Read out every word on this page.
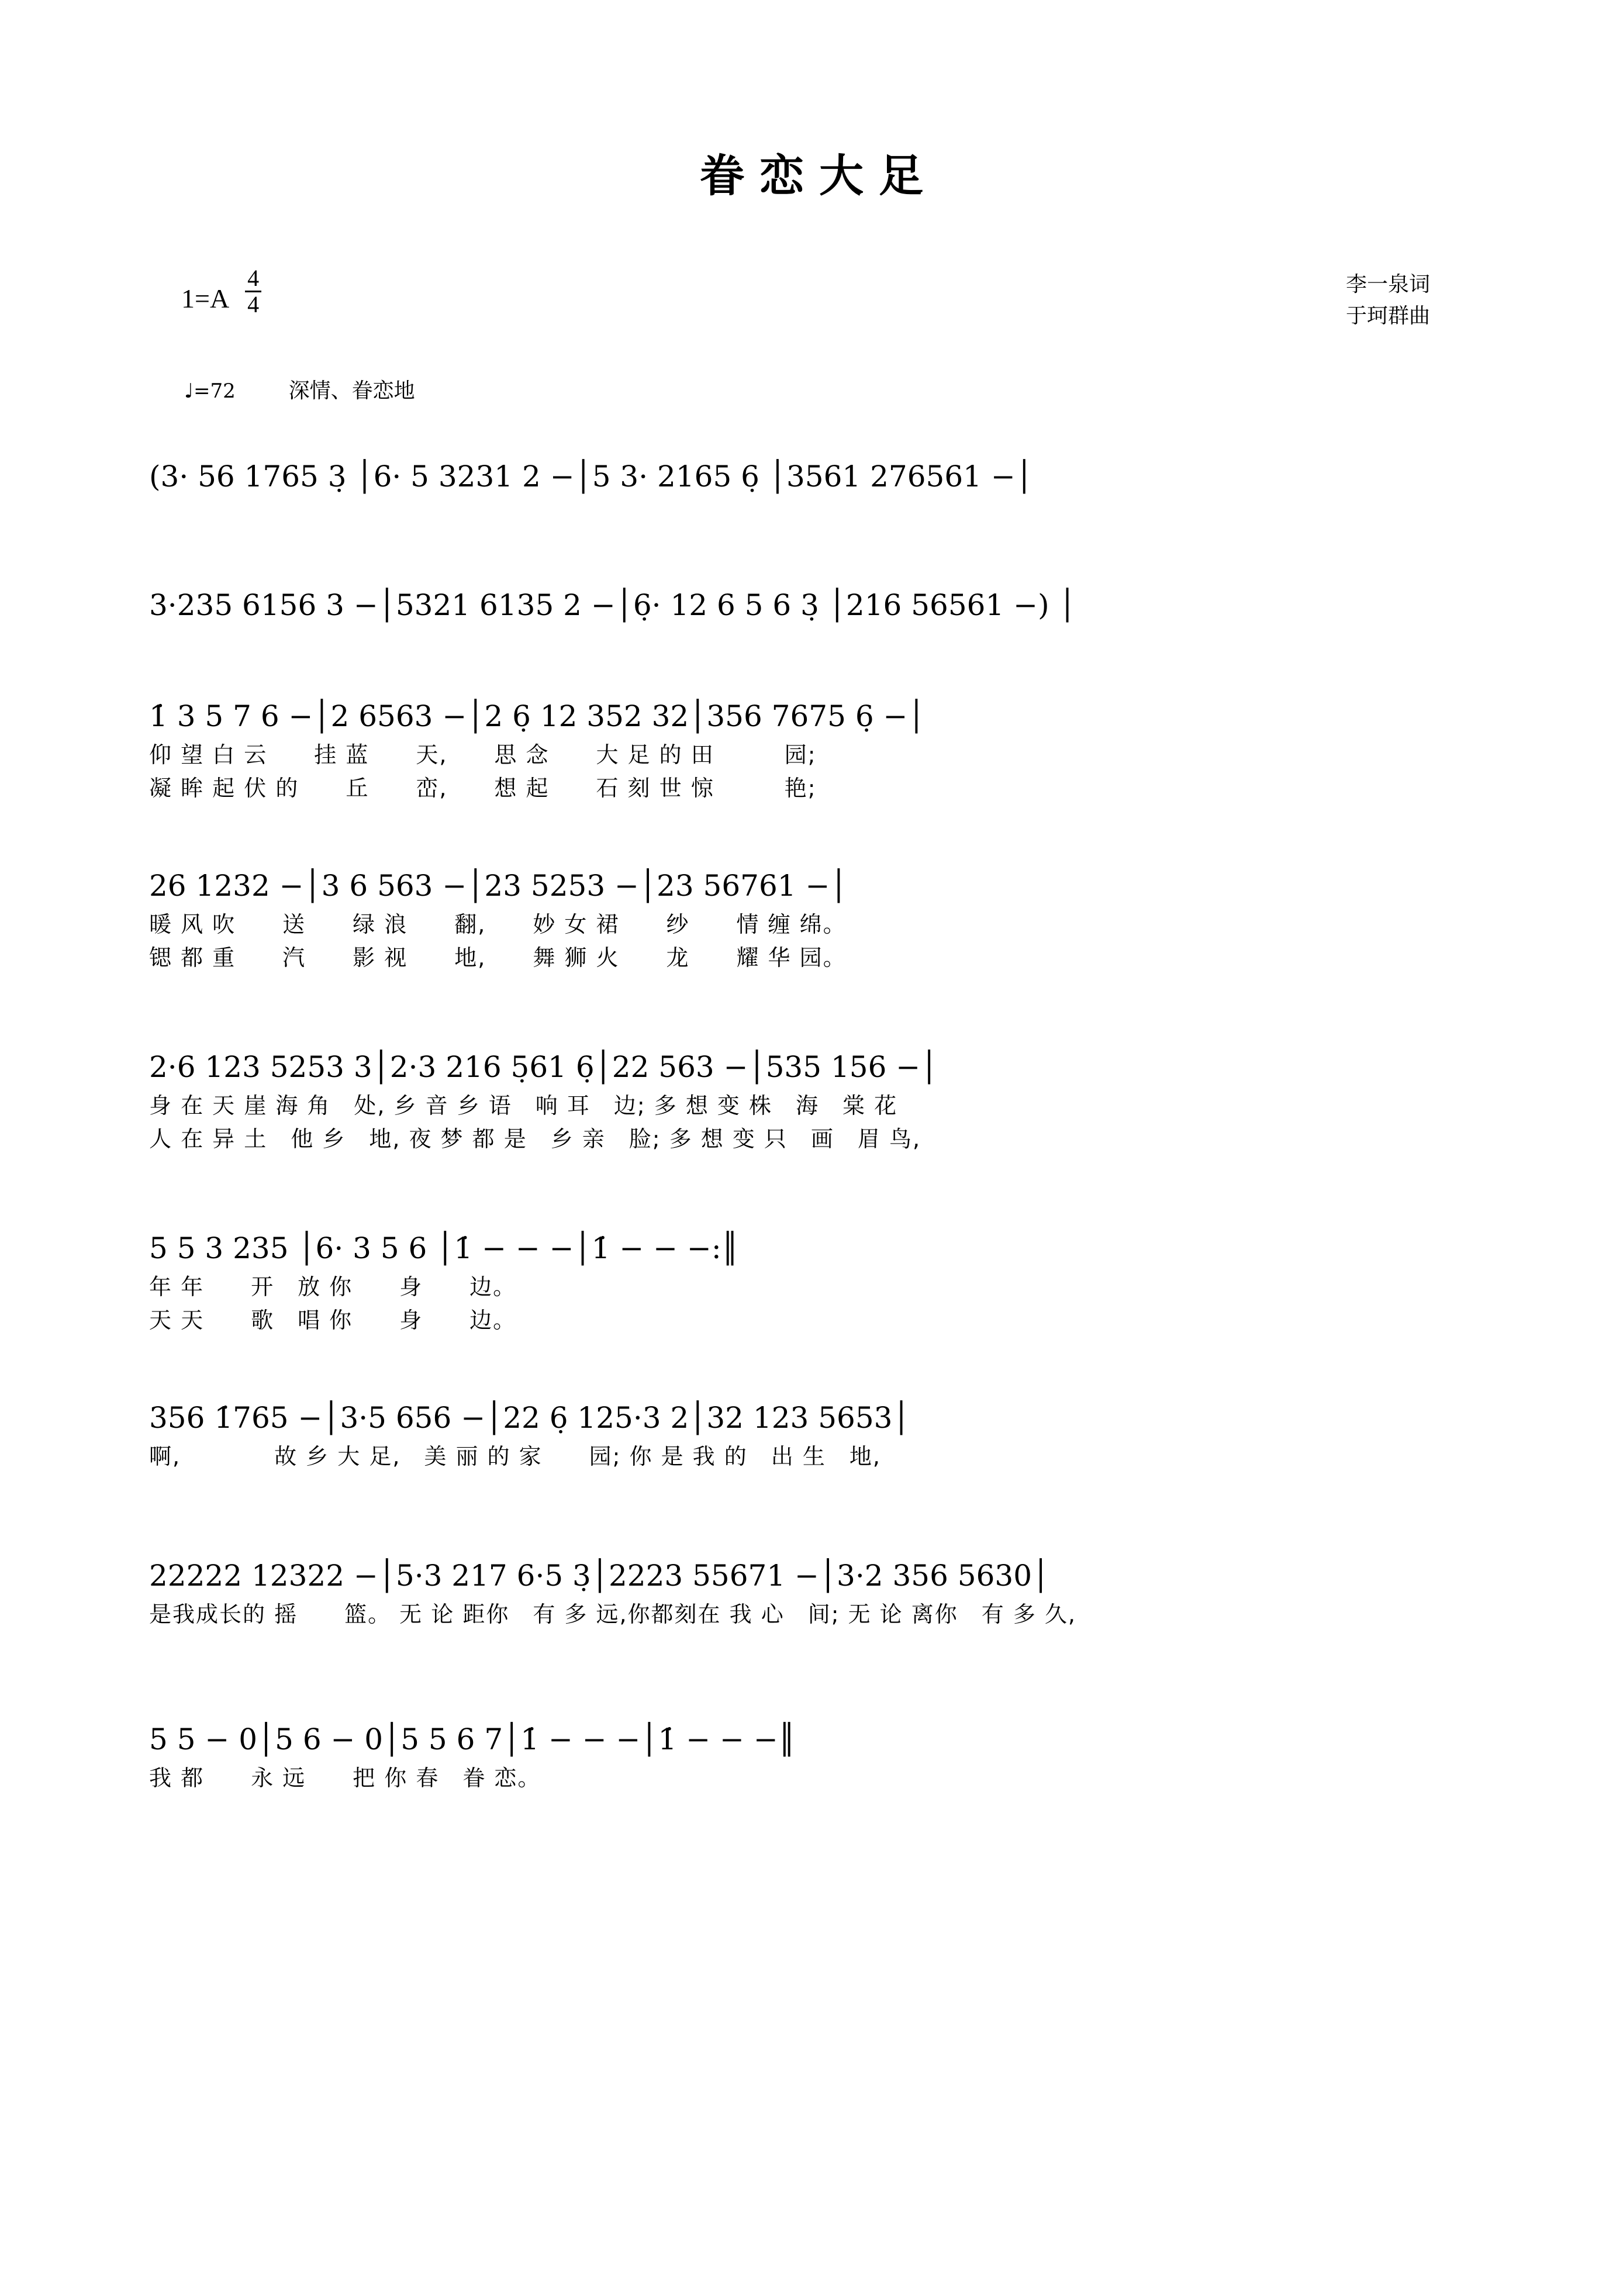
眷恋大足
$1=A \frac{4}{4}$	李一泉词
于珂群曲
♩=72	深情、眷恋地
(3· 56 1765 3̣ │6· 5 3231 2 −│5 3· 2165 6̣ │3561 276561 −│
3·235 6156 3 −│5321 6135 2 −│6̣· 12 6 5 6 3̣ │216 56561 −) │
1̇ 3 5 7 6 −│2 6563 −│2 6̣ 12 352 32│356 7675 6̣ −│
仰 望 白 云　　挂 蓝　　天,　　思 念　　大 足 的 田　　　园;
凝 眸 起 伏 的　　丘　　峦,　　想 起　　石 刻 世 惊　　　艳;
26 1232 −│3 6 563 −│23 5253 −│23 56761 −│
暖 风 吹　　送　　绿 浪　　翻,　　妙 女 裙　　纱　　情 缠 绵。
锶 都 重　　汽　　影 视　　地,　　舞 狮 火　　龙　　耀 华 园。
2·6 123 5253 3│2·3 216 5̣61 6̣│22 563 −│535 156 −│
身 在 天 崖 海 角　处, 乡 音 乡 语　响 耳　边; 多 想 变 株　海　棠 花
人 在 异 土　他 乡　地, 夜 梦 都 是　乡 亲　脸; 多 想 变 只　画　眉 鸟,
5 5 3 235 │6· 3 5 6 │1̇ − − −│1̇ − − −:║
年 年　　开　放 你　　身　　边。
天 天　　歌　唱 你　　身　　边。
356 1̇765 −│3·5 656 −│22 6̣ 125·3 2│32 123 5653│
啊,　　　　故 乡 大 足,　美 丽 的 家　　园; 你 是 我 的　出 生　地,
22222 12322 −│5·3 217 6·5 3̣│2223 55671 −│3·2 356 5630│
是我成长的 摇　　篮。 无 论 距你　有 多 远,你都刻在 我 心　间; 无 论 离你　有 多 久,
5 5 − 0│5 6 − 0│5 5 6 7│1̇ − − −│1̇ − − −║
我 都　　永 远　　把 你 春　眷 恋。
